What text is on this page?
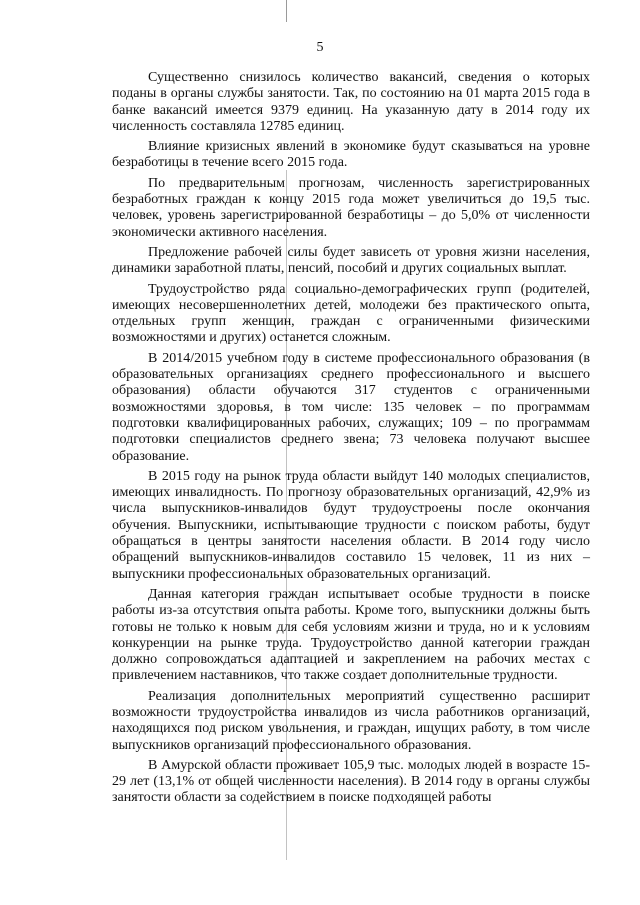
5

Существенно снизилось количество вакансий, сведения о которых поданы в органы службы занятости. Так, по состоянию на 01 марта 2015 года в банке вакансий имеется 9379 единиц. На указанную дату в 2014 году их численность составляла 12785 единиц.

Влияние кризисных явлений в экономике будут сказываться на уровне безработицы в течение всего 2015 года.

По предварительным прогнозам, численность зарегистрированных безработных граждан к концу 2015 года может увеличиться до 19,5 тыс. человек, уровень зарегистрированной безработицы – до 5,0% от численности экономически активного населения.

Предложение рабочей силы будет зависеть от уровня жизни населения, динамики заработной платы, пенсий, пособий и других социальных выплат.

Трудоустройство ряда социально-демографических групп (родителей, имеющих несовершеннолетних детей, молодежи без практического опыта, отдельных групп женщин, граждан с ограниченными физическими возможностями и других) останется сложным.

В 2014/2015 учебном году в системе профессионального образования (в образовательных организациях среднего профессионального и высшего образования) области обучаются 317 студентов с ограниченными возможностями здоровья, в том числе: 135 человек – по программам подготовки квалифицированных рабочих, служащих; 109 – по программам подготовки специалистов среднего звена; 73 человека получают высшее образование.

В 2015 году на рынок труда области выйдут 140 молодых специалистов, имеющих инвалидность. По прогнозу образовательных организаций, 42,9% из числа выпускников-инвалидов будут трудоустроены после окончания обучения. Выпускники, испытывающие трудности с поиском работы, будут обращаться в центры занятости населения области. В 2014 году число обращений выпускников-инвалидов составило 15 человек, 11 из них – выпускники профессиональных образовательных организаций.

Данная категория граждан испытывает особые трудности в поиске работы из-за отсутствия опыта работы. Кроме того, выпускники должны быть готовы не только к новым для себя условиям жизни и труда, но и к условиям конкуренции на рынке труда. Трудоустройство данной категории граждан должно сопровождаться адаптацией и закреплением на рабочих местах с привлечением наставников, что также создает дополнительные трудности.

Реализация дополнительных мероприятий существенно расширит возможности трудоустройства инвалидов из числа работников организаций, находящихся под риском увольнения, и граждан, ищущих работу, в том числе выпускников организаций профессионального образования.

В Амурской области проживает 105,9 тыс. молодых людей в возрасте 15-29 лет (13,1% от общей численности населения). В 2014 году в органы службы занятости области за содействием в поиске подходящей работы
